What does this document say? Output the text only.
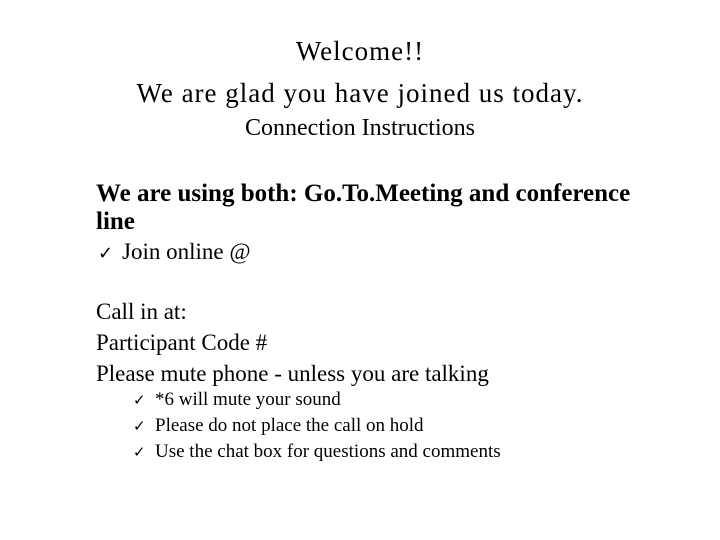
Welcome!!
We are glad you have joined us today.
Connection Instructions
We are using both: Go.To.Meeting and conference line
✓ Join online @
Call in at:
Participant Code #
Please mute phone - unless you are talking
✓ *6 will mute your sound
✓ Please do not place the call on hold
✓ Use the chat box for questions and comments
